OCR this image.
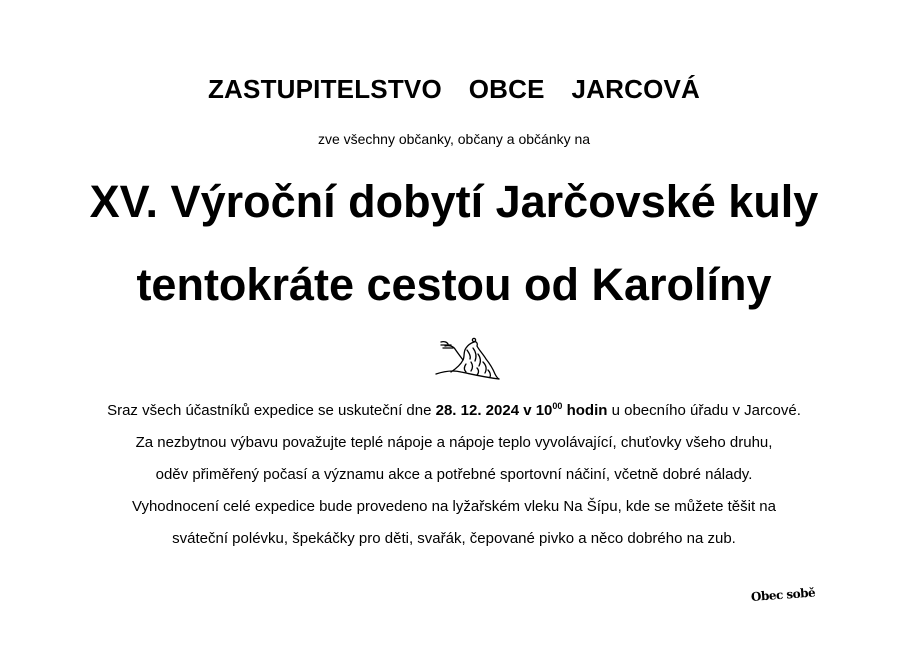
ZASTUPITELSTVO  OBCE  JARCOVÁ
zve všechny občanky, občany a občánky na
XV. Výroční dobytí Jarčovské kuly
tentokráte cestou od Karolíny
Sraz všech účastníků expedice se uskuteční dne 28. 12. 2024 v $10^{00}$ hodin u obecního úřadu v Jarcové.
Za nezbytnou výbavu považujte teplé nápoje a nápoje teplo vyvolávající, chuťovky všeho druhu,
oděv přiměřený počasí a významu akce a potřebné sportovní náčiní, včetně dobré nálady.
Vyhodnocení celé expedice bude provedeno na lyžařském vleku Na Šípu, kde se můžete těšit na
sváteční polévku, špekáčky pro děti, svařák, čepované pivko a něco dobrého na zub.
Obec sobě
